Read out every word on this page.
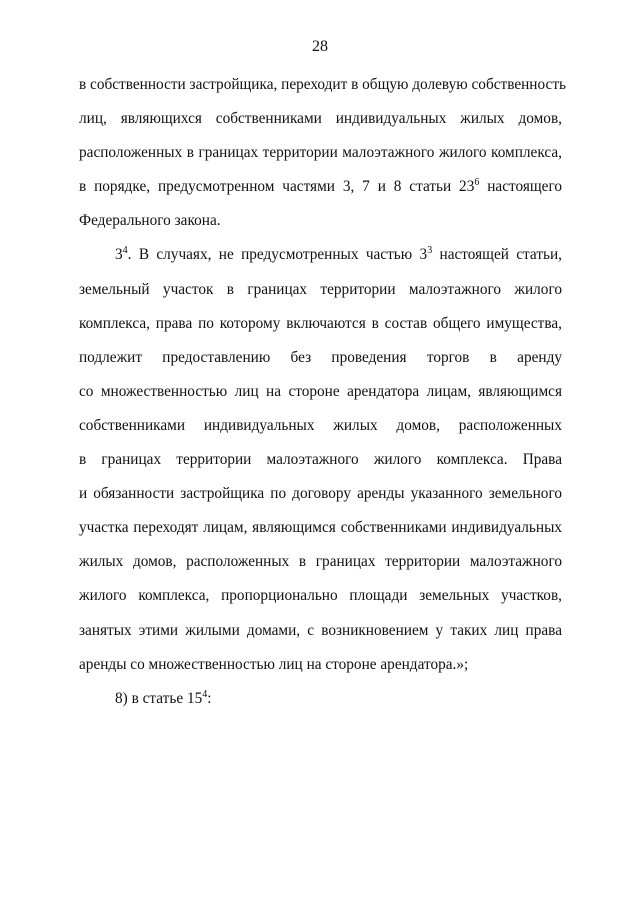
28
в собственности застройщика, переходит в общую долевую собственность
лиц, являющихся собственниками индивидуальных жилых домов,
расположенных в границах территории малоэтажного жилого комплекса,
в порядке, предусмотренном частями 3, 7 и 8 статьи $23^6$ настоящего
Федерального закона.
$3^4$. В случаях, не предусмотренных частью $3^3$ настоящей статьи,
земельный участок в границах территории малоэтажного жилого
комплекса, права по которому включаются в состав общего имущества,
подлежит предоставлению без проведения торгов в аренду
со множественностью лиц на стороне арендатора лицам, являющимся
собственниками индивидуальных жилых домов, расположенных
в границах территории малоэтажного жилого комплекса. Права
и обязанности застройщика по договору аренды указанного земельного
участка переходят лицам, являющимся собственниками индивидуальных
жилых домов, расположенных в границах территории малоэтажного
жилого комплекса, пропорционально площади земельных участков,
занятых этими жилыми домами, с возникновением у таких лиц права
аренды со множественностью лиц на стороне арендатора.»;
8) в статье $15^4$:
